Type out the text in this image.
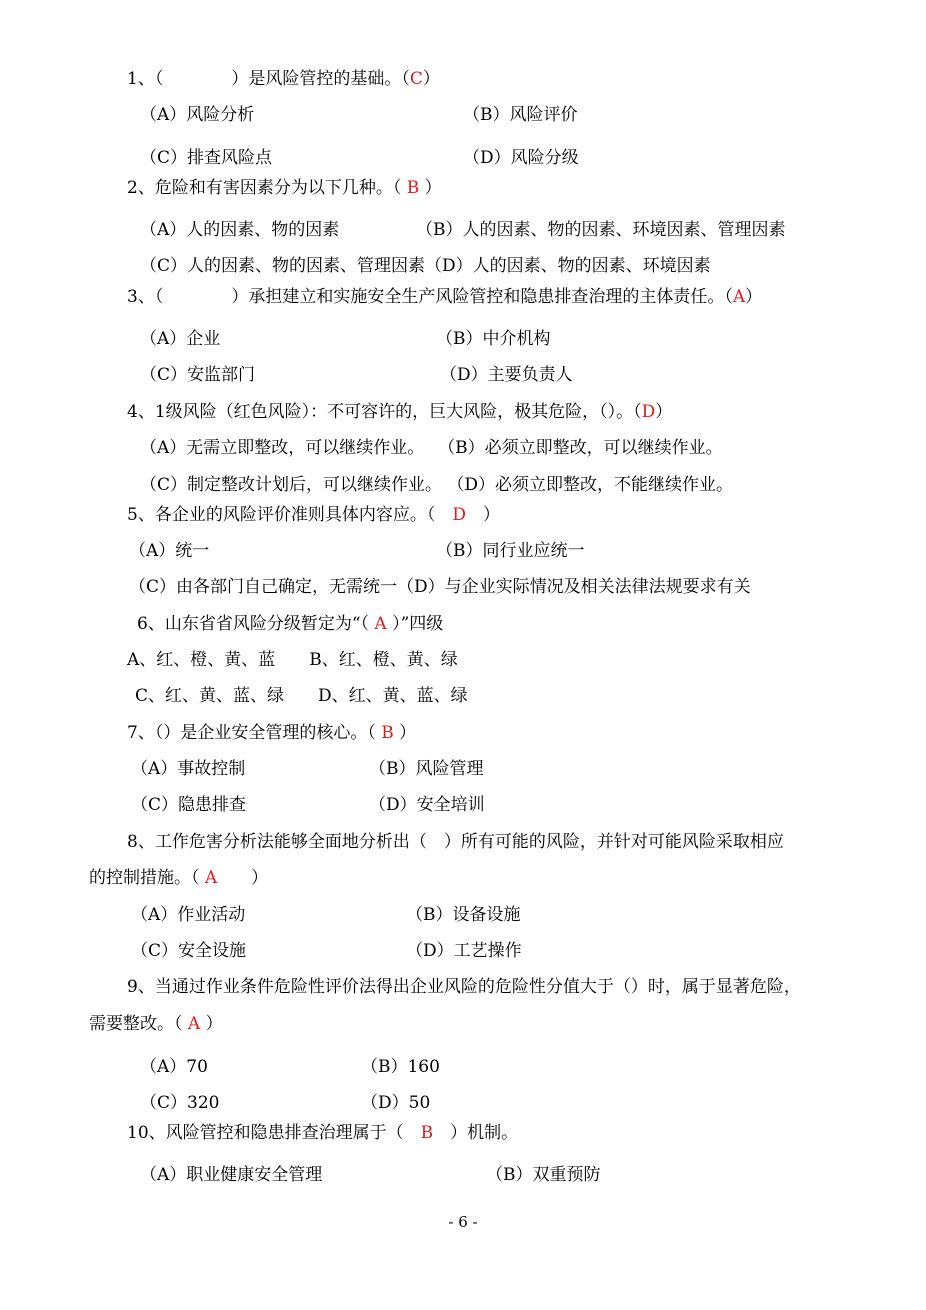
1、（　　　　）是风险管控的基础。（C）
（A）风险分析	（B）风险评价
（C）排查风险点	（D）风险分级
2、危险和有害因素分为以下几种。（ B ）
（A）人的因素、物的因素	（B）人的因素、物的因素、环境因素、管理因素
（C）人的因素、物的因素、管理因素（D）人的因素、物的因素、环境因素
3、（　　　　）承担建立和实施安全生产风险管控和隐患排查治理的主体责任。（A）
（A）企业	（B）中介机构
（C）安监部门	（D）主要负责人
4、1级风险（红色风险）：不可容许的，巨大风险，极其危险，（）。（D）
（A）无需立即整改，可以继续作业。　 （B）必须立即整改，可以继续作业。
（C）制定整改计划后，可以继续作业。 （D）必须立即整改，不能继续作业。
5、各企业的风险评价准则具体内容应。（　D　）
（A）统一	（B）同行业应统一
（C）由各部门自己确定，无需统一（D）与企业实际情况及相关法律法规要求有关
6、山东省省风险分级暂定为“（ A ）”四级
A、红、橙、黄、蓝　　B、红、橙、黄、绿
C、红、黄、蓝、绿　　D、红、黄、蓝、绿
7、（）是企业安全管理的核心。（ B ）
（A）事故控制	（B）风险管理
（C）隐患排查	（D）安全培训
8、工作危害分析法能够全面地分析出（　）所有可能的风险，并针对可能风险采取相应
的控制措施。（ A　　）
（A）作业活动	（B）设备设施
（C）安全设施	（D）工艺操作
9、当通过作业条件危险性评价法得出企业风险的危险性分值大于（）时，属于显著危险，
需要整改。（ A ）
（A）70	（B）160
（C）320	（D）50
10、风险管控和隐患排查治理属于（　B　）机制。
（A）职业健康安全管理	（B）双重预防
- 6 -
